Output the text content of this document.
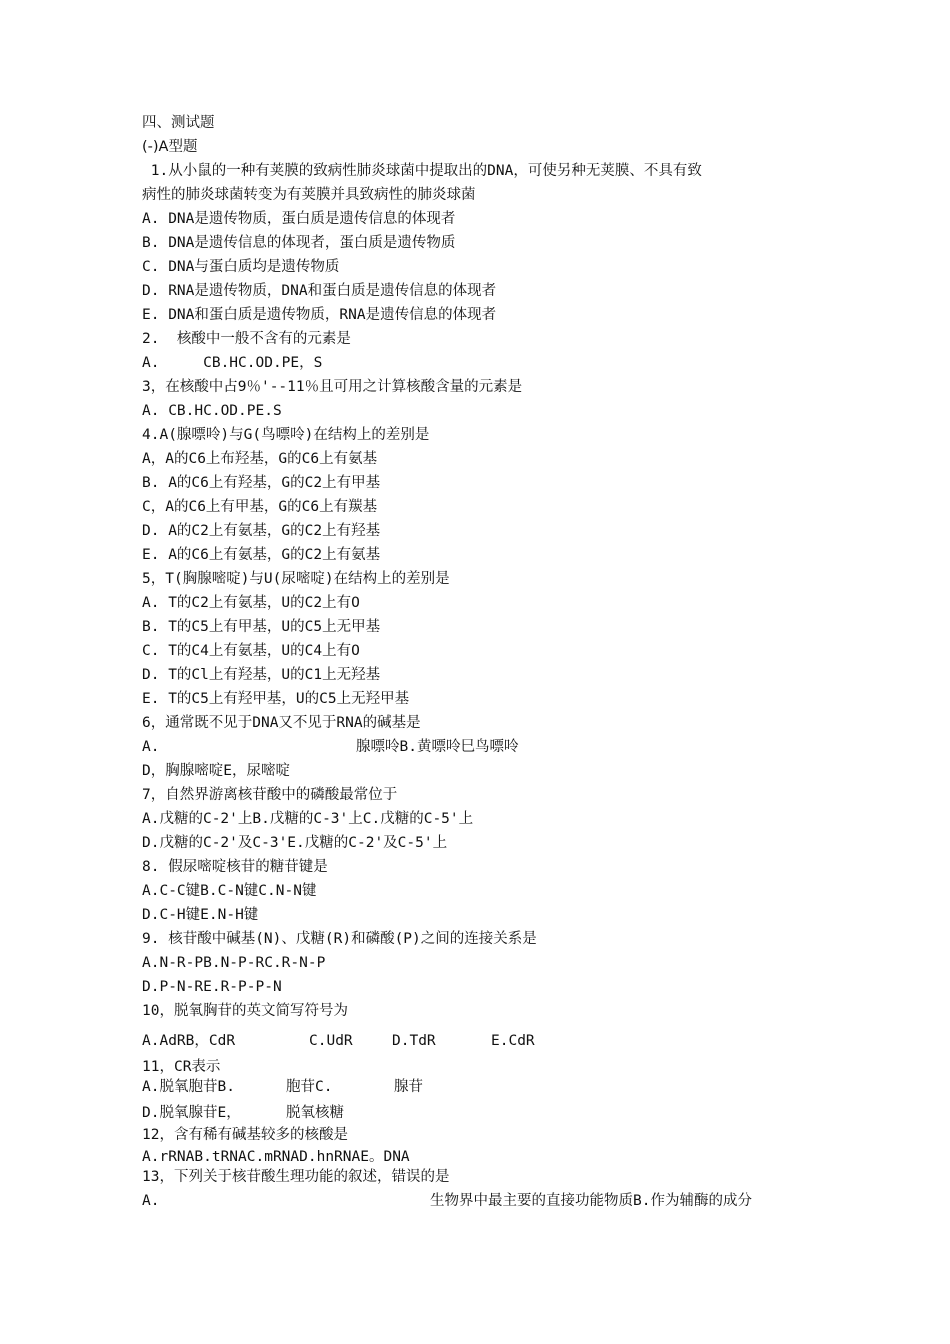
四、测试题
(-)A型题
1.从小鼠的一种有荚膜的致病性肺炎球菌中提取出的DNA，可使另种无荚膜、不具有致
病性的肺炎球菌转变为有荚膜并具致病性的肺炎球菌
A. DNA是遗传物质，蛋白质是遗传信息的体现者
B. DNA是遗传信息的体现者，蛋白质是遗传物质
C. DNA与蛋白质均是遗传物质
D. RNA是遗传物质，DNA和蛋白质是遗传信息的体现者
E. DNA和蛋白质是遗传物质，RNA是遗传信息的体现者
2.  核酸中一般不含有的元素是
A.     CB.HC.OD.PE，S
3，在核酸中占9％'--11％且可用之计算核酸含量的元素是
A. CB.HC.OD.PE.S
4.A(腺嘌呤)与G(鸟嘌呤)在结构上的差别是
A，A的C6上布羟基，G的C6上有氨基
B. A的C6上有羟基，G的C2上有甲基
C，A的C6上有甲基，G的C6上有羰基
D. A的C2上有氨基，G的C2上有羟基
E. A的C6上有氨基，G的C2上有氨基
5，T(胸腺嘧啶)与U(尿嘧啶)在结构上的差别是
A. T的C2上有氨基，U的C2上有O
B. T的C5上有甲基，U的C5上无甲基
C. T的C4上有氨基，U的C4上有O
D. T的Cl上有羟基，U的C1上无羟基
E. T的C5上有羟甲基，U的C5上无羟甲基
6，通常既不见于DNA又不见于RNA的碱基是
A.	腺嘌呤B.黄嘌呤巳鸟嘌呤
D，胸腺嘧啶E，尿嘧啶
7，自然界游离核苷酸中的磷酸最常位于
A.戊糖的C-2'上B.戊糖的C-3'上C.戊糖的C-5'上
D.戊糖的C-2'及C-3'E.戊糖的C-2'及C-5'上
8. 假尿嘧啶核苷的糖苷键是
A.C-C键B.C-N键C.N-N键
D.C-H键E.N-H键
9. 核苷酸中碱基(N)、戊糖(R)和磷酸(P)之间的连接关系是
A.N-R-PB.N-P-RC.R-N-P
D.P-N-RE.R-P-P-N
10，脱氧胸苷的英文简写符号为
A.AdRB，CdR	C.UdR	D.TdR	E.CdR
11，CR表示
A.脱氧胞苷B.	胞苷C.	腺苷
D.脱氧腺苷E，	脱氧核糖
12，含有稀有碱基较多的核酸是
A.rRNAB.tRNAC.mRNAD.hnRNAE。DNA
13，下列关于核苷酸生理功能的叙述，错误的是
A.	生物界中最主要的直接功能物质B.作为辅酶的成分
